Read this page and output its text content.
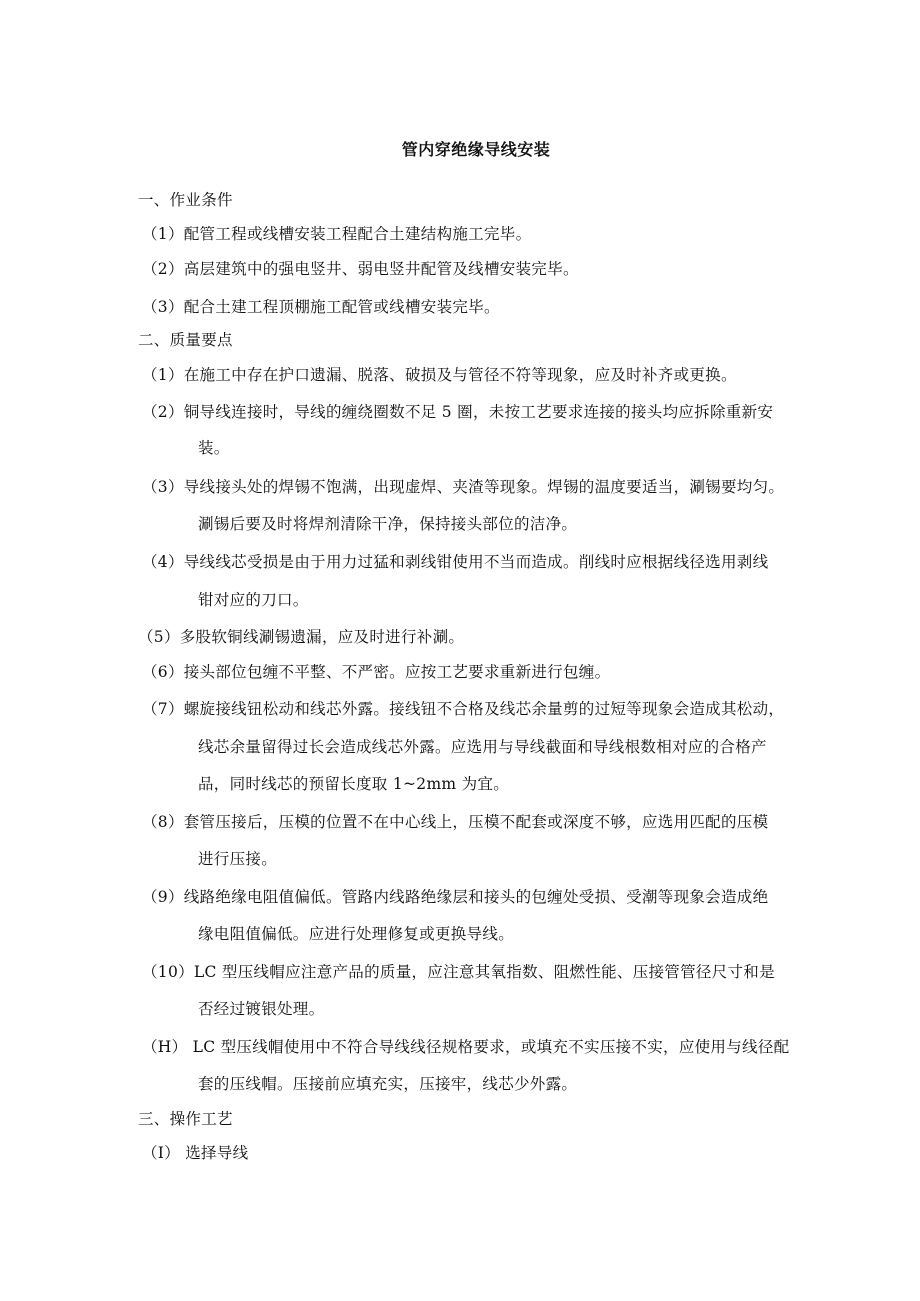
管内穿绝缘导线安装
一、作业条件
（1）配管工程或线槽安装工程配合土建结构施工完毕。
（2）高层建筑中的强电竖井、弱电竖井配管及线槽安装完毕。
（3）配合土建工程顶棚施工配管或线槽安装完毕。
二、质量要点
（1）在施工中存在护口遗漏、脱落、破损及与管径不符等现象，应及时补齐或更换。
（2）铜导线连接时，导线的缠绕圈数不足 5 圈，未按工艺要求连接的接头均应拆除重新安
装。
（3）导线接头处的焊锡不饱满，出现虚焊、夹渣等现象。焊锡的温度要适当，涮锡要均匀。
涮锡后要及时将焊剂清除干净，保持接头部位的洁净。
（4）导线线芯受损是由于用力过猛和剥线钳使用不当而造成。削线时应根据线径选用剥线
钳对应的刀口。
（5）多股软铜线涮锡遗漏，应及时进行补涮。
（6）接头部位包缠不平整、不严密。应按工艺要求重新进行包缠。
（7）螺旋接线钮松动和线芯外露。接线钮不合格及线芯余量剪的过短等现象会造成其松动，
线芯余量留得过长会造成线芯外露。应选用与导线截面和导线根数相对应的合格产
品，同时线芯的预留长度取 1~2mm 为宜。
（8）套管压接后，压模的位置不在中心线上，压模不配套或深度不够，应选用匹配的压模
进行压接。
（9）线路绝缘电阻值偏低。管路内线路绝缘层和接头的包缠处受损、受潮等现象会造成绝
缘电阻值偏低。应进行处理修复或更换导线。
（10）LC 型压线帽应注意产品的质量，应注意其氧指数、阻燃性能、压接管管径尺寸和是
否经过镀银处理。
（H） LC 型压线帽使用中不符合导线线径规格要求，或填充不实压接不实，应使用与线径配
套的压线帽。压接前应填充实，压接牢，线芯少外露。
三、操作工艺
（I） 选择导线
